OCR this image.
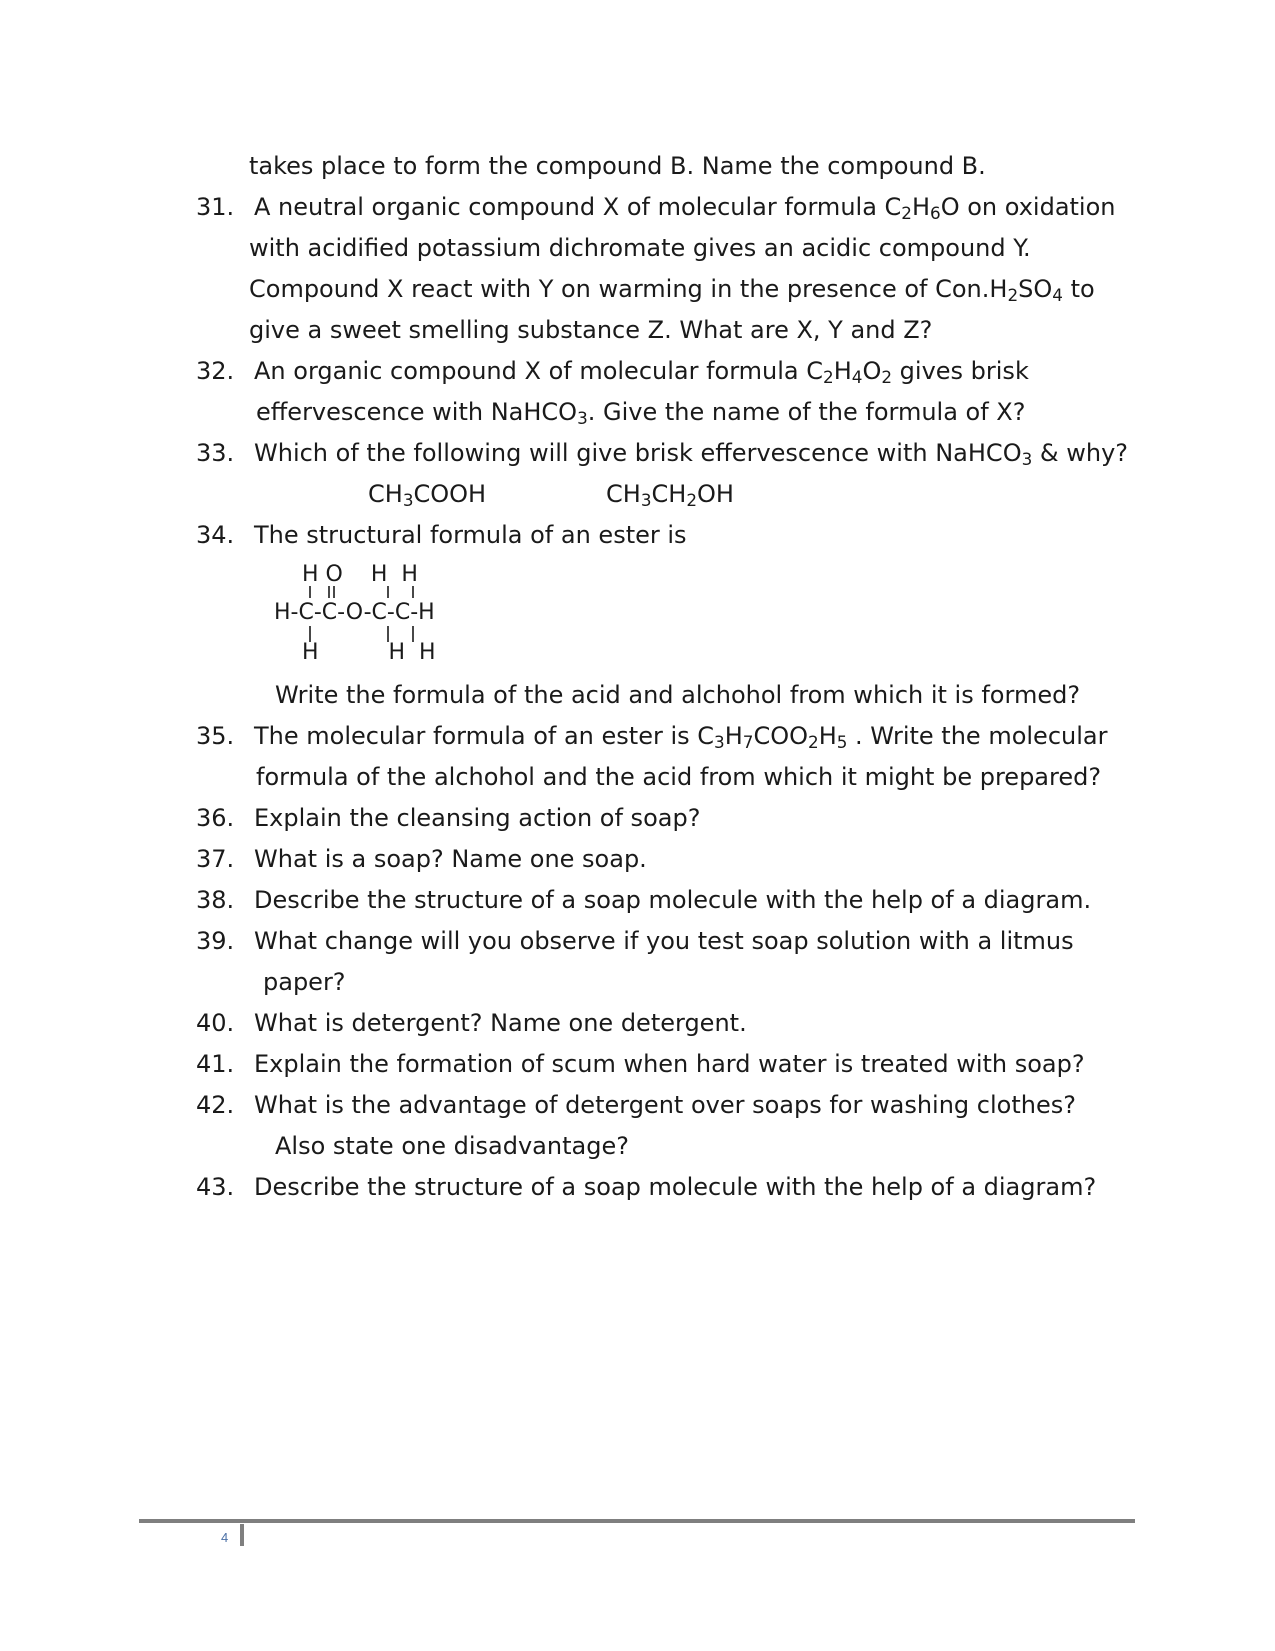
takes place to form the compound B. Name the compound B.
31. A neutral organic compound X of molecular formula $C_2H_6O$ on oxidation
with acidified potassium dichromate gives an acidic compound Y.
Compound X react with Y on warming in the presence of $Con.H_2SO_4$ to
give a sweet smelling substance Z. What are X, Y and Z?
32. An organic compound X of molecular formula $C_2H_4O_2$ gives brisk
effervescence with NaHCO$_3$. Give the name of the formula of X?
33. Which of the following will give brisk effervescence with NaHCO$_3$ & why?
$CH_3COOH$	$CH_3CH_2OH$
34. The structural formula of an ester is
H O    H  H
H-C-C-O-C-C-H
H          H  H
Write the formula of the acid and alchohol from which it is formed?
35. The molecular formula of an ester is $C_3H_7COO_2H_5$ . Write the molecular
formula of the alchohol and the acid from which it might be prepared?
36. Explain the cleansing action of soap?
37. What is a soap? Name one soap.
38. Describe the structure of a soap molecule with the help of a diagram.
39. What change will you observe if you test soap solution with a litmus
paper?
40. What is detergent? Name one detergent.
41. Explain the formation of scum when hard water is treated with soap?
42. What is the advantage of detergent over soaps for washing clothes?
Also state one disadvantage?
43. Describe the structure of a soap molecule with the help of a diagram?
4
